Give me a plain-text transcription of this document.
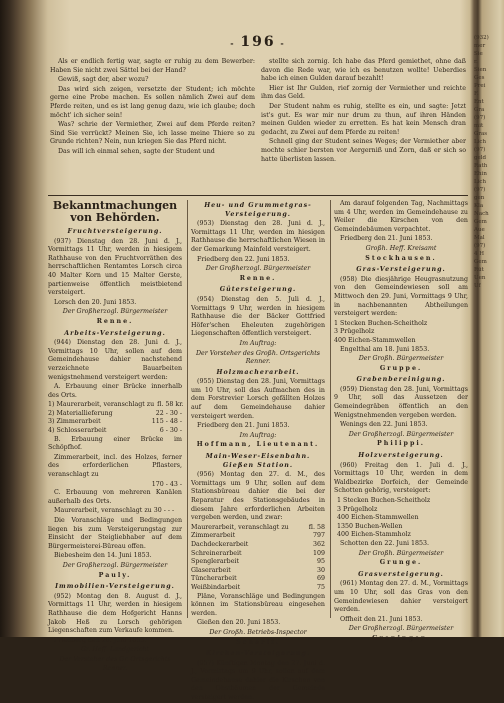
- 196 -

Als er endlich fertig war, sagte er ruhig zu dem Bewerber: Haben Sie nicht zwei Sättel bei der Hand?

Gewiß, sagt der, aber wozu?

Das wird sich zeigen, versetzte der Student; ich möchte gerne eine Probe machen. Es sollen nämlich Zwei auf dem Pferde reiten, und es ist lang genug dazu, wie ich glaube; doch möcht' ich sicher sein!

Was? schrie der Vermiether, Zwei auf dem Pferde reiten? Sind Sie verrückt? Meinen Sie, ich lasse meine Thiere so zu Grunde richten? Nein, nun kriegen Sie das Pferd nicht.

Das will ich einmal sehen, sagte der Student und

stellte sich zornig. Ich habe das Pferd gemiethet, ohne daß davon die Rede war, wie ich es benutzen wollte! Ueberdies habe ich einen Gulden darauf bezahlt!

Hier ist Ihr Gulden, rief zornig der Vermiether und reichte ihm das Geld.

Der Student nahm es ruhig, stellte es ein, und sagte: Jetzt ist's gut. Es war mir nur drum zu thun, auf ihren Händen meinen Gulden wieder zu erretten. Es hat kein Mensch dran gedacht, zu Zwei auf dem Pferde zu reiten!

Schnell ging der Student seines Weges; der Vermiether aber mochte schier bersten vor Aergerniß und Zorn, daß er sich so hatte überlisten lassen.

Bekanntmachungen von Behörden.
Fruchtversteigerung.

(937) Dienstag den 28. Juni d. J., Vormittags 11 Uhr, werden in hiesigem Rathhause von den Fruchtvorräthen des herrschaftlichen Rentamtes Lorsch circa 40 Malter Korn und 15 Malter Gerste, partienweise öffentlich meistbietend versteigert.

Lorsch den 20. Juni 1853.

Der Großherzogl. Bürgermeister
Renne.
Arbeits-Versteigerung.

(944) Dienstag den 28. Juni d. J., Vormittags 10 Uhr, sollen auf dem Gemeindehause dahier nachstehend verzeichnete Bauarbeiten wenigstnehmend versteigert werden:

A. Erbauung einer Brücke innerhalb des Orts.

1) Maurerarbeit, veranschlagt zu fl. 58 kr.
2) Materiallieferung	22 - 30 -
3) Zimmerarbeit	115 - 48 -
4) Schlosserarbeit	6 - 30 -

B. Erbauung einer Brücke im Schöpfhof.

Zimmerarbeit, incl. des Holzes, ferner des erforderlichen Pflasters, veranschlagt zu

170 - 43 -

C. Erbauung von mehreren Kanälen außerhalb des Orts.

Maurerarbeit, veranschlagt zu 30 - - -

Die Voranschläge und Bedingungen liegen bis zum Versteigerungstag zur Einsicht der Steigliebhaber auf dem Bürgermeisterei-Büreau offen.

Biebesheim den 14. Juni 1853.

Der Großherzogl. Bürgermeister
Pauly.
Immobilien-Versteigerung.

(952) Montag den 8. August d. J., Vormittags 11 Uhr, werden in hiesigem Rathhause die dem Hofgericht Hanns Jakob Heß zu Lorsch gehörigen Liegenschaften zum Verkaufe kommen.

Friedberg den 20. Juni 1853.

Gr. Heff. Landgericht
Der Versteher des Gr. Ortsgerichts Renner.
Heu- und Grummetgras-Versteigerung.

(953) Dienstag den 28. Juni d. J., Vormittags 11 Uhr, werden im hiesigen Rathhause die herrschaftlichen Wiesen in der Gemarkung Mainfeld versteigert.

Friedberg den 22. Juni 1853.

Der Großherzogl. Bürgermeister
Renne.
Gütersteigerung.

(954) Dienstag den 5. Juli d. J., Vormittags 9 Uhr, werden in hiesigem Rathhause die der Bäcker Gottfried Höfer'schen Eheleuten zugehörigen Liegenschaften öffentlich versteigert.

Im Auftrag:
Der Vorsteher des Großh. Ortsgerichts Renner.
Holzmacherarbeit.

(955) Dienstag den 28. Juni, Vormittags um 10 Uhr, soll das Aufmachen des in dem Forstrevier Lorsch gefällten Holzes auf dem Gemeindehause dahier versteigert werden.

Friedberg den 21. Juni 1853.

Im Auftrag:
Hoffmann, Lieutenant.
Main-Weser-Eisenbahn. Gießen Station.

(956) Montag den 27. d. M., des Vormittags um 9 Uhr, sollen auf dem Stationsbüreau dahier die bei der Reparatur des Stationsgebäudes in diesem Jahre erforderlichen Arbeiten vergeben werden, und zwar:

Maurerarbeit, veranschlagt zu	fl. 58
Zimmerarbeit	797
Dachdeckerarbeit	362
Schreinerarbeit	109
Spenglerarbeit	95
Glaserarbeit	30
Tüncherarbeit	69
Weißbindarbeit	75

Pläne, Voranschläge und Bedingungen können im Stationsbüreau eingesehen werden.

Gießen den 20. Juni 1853.

Der Großh. Betriebs-Inspector
Scharff.
Kirchen-Versteigerung.

(957) Künftigen Montag den 27. Juni d. J., Vormittags um 9 Uhr, sollen auf dem Gemeindehause dahier die Kirschen von den Obstbäumen der Gemeinde versteigert werden.

Am darauf folgenden Tag, Nachmittags um 4 Uhr, werden im Gemeindehause zu Weiler die Kirschen von den Gemeindebäumen verpachtet.

Friedberg den 21. Juni 1853.

Großh. Heff. Kreisamt
Stockhausen.
Gras-Versteigerung.

(958) Die diesjährige Heugrasnutzung von den Gemeindewiesen soll am Mittwoch den 29. Juni, Vormittags 9 Uhr, in nachbenannten Abtheilungen versteigert werden:

1 Stecken Buchen-Scheitholz
3 Prügelholz
400 Eichen-Stammwellen

Engelthal am 18. Juni 1853.

Der Großh. Bürgermeister
Gruppe.
Grabenbereinigung.

(959) Dienstag den 28. Juni, Vormittags 9 Uhr, soll das Aussetzen der Gemeindegräben öffentlich an den Wenigstnehmenden vergeben werden.

Wenings den 22. Juni 1853.

Der Großherzogl. Bürgermeister
Philippi.
Holzversteigerung.

(960) Freitag den 1. Juli d. J., Vormittags 10 Uhr, werden in dem Waldbezirke Dorfeich, der Gemeinde Schotten gehörig, versteigert:

1 Stecken Buchen-Scheitholz
3 Prügelholz
400 Eichen-Stammwellen
1350 Buchen-Wellen
400 Eichen-Stammholz

Schotten den 22. Juni 1853.

Der Großh. Bürgermeister
Grunge.
Grasversteigerung.

(961) Montag den 27. d. M., Vormittags um 10 Uhr, soll das Gras von den Gemeindewiesen dahier versteigert werden.

Offheit den 21. Juni 1853.

Der Großherzogl. Bürgermeister
Groninger.
(932)
mer
Sie
r.
Sien
Ges
Prei
F.
Ent
Gra
(97)
mit
Gras
Lich
(97)
geld
Rath
Ehin
Lich
(97)
gen
Kla
Nach
Gem
Aue
Mal
(97)
4 H
Gem
Rüt
Uen
Uf
